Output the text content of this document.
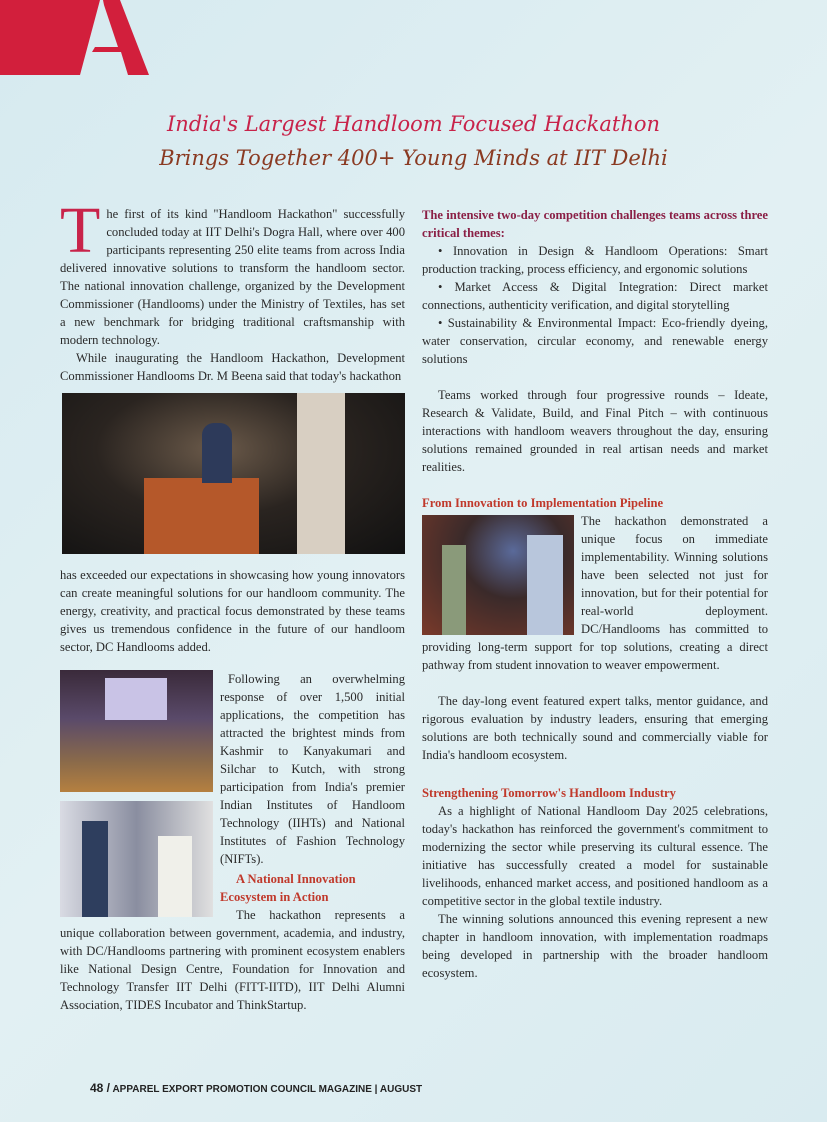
India's Largest Handloom Focused Hackathon
Brings Together 400+ Young Minds at IIT Delhi

The first of its kind "Handloom Hackathon" successfully concluded today at IIT Delhi's Dogra Hall, where over 400 participants representing 250 elite teams from across India delivered innovative solutions to transform the handloom sector. The national innovation challenge, organized by the Development Commissioner (Handlooms) under the Ministry of Textiles, has set a new benchmark for bridging traditional craftsmanship with modern technology.

While inaugurating the Handloom Hackathon, Development Commissioner Handlooms Dr. M Beena said that today's hackathon

has exceeded our expectations in showcasing how young innovators can create meaningful solutions for our handloom community. The energy, creativity, and practical focus demonstrated by these teams gives us tremendous confidence in the future of our handloom sector, DC Handlooms added.

Following an overwhelming response of over 1,500 initial applications, the competition has attracted the brightest minds from Kashmir to Kanyakumari and Silchar to Kutch, with strong participation from India's premier Indian Institutes of Handloom Technology (IIHTs) and National Institutes of Fashion Technology (NIFTs).

A National Innovation Ecosystem in Action

The hackathon represents a unique collaboration between government, academia, and industry, with DC/Handlooms partnering with prominent ecosystem enablers like National Design Centre, Foundation for Innovation and Technology Transfer IIT Delhi (FITT-IITD), IIT Delhi Alumni Association, TIDES Incubator and ThinkStartup.

The intensive two-day competition challenges teams across three critical themes:

• Innovation in Design & Handloom Operations: Smart production tracking, process efficiency, and ergonomic solutions

• Market Access & Digital Integration: Direct market connections, authenticity verification, and digital storytelling

• Sustainability & Environmental Impact: Eco-friendly dyeing, water conservation, circular economy, and renewable energy solutions

Teams worked through four progressive rounds – Ideate, Research & Validate, Build, and Final Pitch – with continuous interactions with handloom weavers throughout the day, ensuring solutions remained grounded in real artisan needs and market realities.

From Innovation to Implementation Pipeline

The hackathon demonstrated a unique focus on immediate implementability. Winning solutions have been selected not just for innovation, but for their potential for real-world deployment. DC/Handlooms has committed to providing long-term support for top solutions, creating a direct pathway from student innovation to weaver empowerment.

The day-long event featured expert talks, mentor guidance, and rigorous evaluation by industry leaders, ensuring that emerging solutions are both technically sound and commercially viable for India's handloom ecosystem.

Strengthening Tomorrow's Handloom Industry

As a highlight of National Handloom Day 2025 celebrations, today's hackathon has reinforced the government's commitment to modernizing the sector while preserving its cultural essence. The initiative has successfully created a model for sustainable livelihoods, enhanced market access, and positioned handloom as a competitive sector in the global textile industry.

The winning solutions announced this evening represent a new chapter in handloom innovation, with implementation roadmaps being developed in partnership with the broader handloom ecosystem.

48 / APPAREL EXPORT PROMOTION COUNCIL MAGAZINE | AUGUST
